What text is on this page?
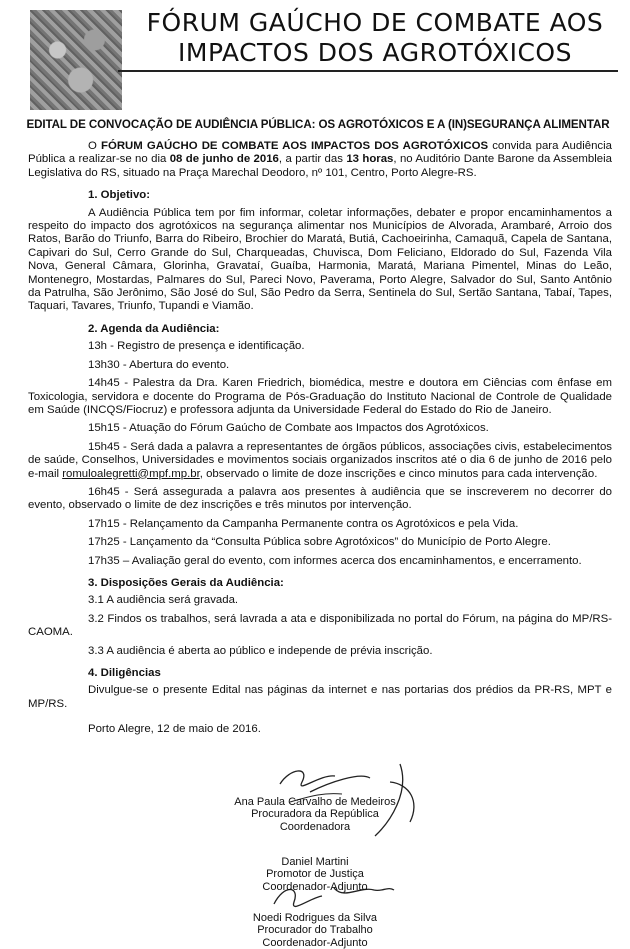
FÓRUM GAÚCHO DE COMBATE AOS
IMPACTOS DOS AGROTÓXICOS
EDITAL DE CONVOCAÇÃO DE AUDIÊNCIA PÚBLICA: OS AGROTÓXICOS E A (IN)SEGURANÇA ALIMENTAR

O FÓRUM GAÚCHO DE COMBATE AOS IMPACTOS DOS AGROTÓXICOS convida para Audiência Pública a realizar-se no dia 08 de junho de 2016, a partir das 13 horas, no Auditório Dante Barone da Assembleia Legislativa do RS, situado na Praça Marechal Deodoro, nº 101, Centro, Porto Alegre-RS.

1. Objetivo:

A Audiência Pública tem por fim informar, coletar informações, debater e propor encaminhamentos a respeito do impacto dos agrotóxicos na segurança alimentar nos Municípios de Alvorada, Arambaré, Arroio dos Ratos, Barão do Triunfo, Barra do Ribeiro, Brochier do Maratá, Butiá, Cachoeirinha, Camaquã, Capela de Santana, Capivari do Sul, Cerro Grande do Sul, Charqueadas, Chuvisca, Dom Feliciano, Eldorado do Sul, Fazenda Vila Nova, General Câmara, Glorinha, Gravataí, Guaíba, Harmonia, Maratá, Mariana Pimentel, Minas do Leão, Montenegro, Mostardas, Palmares do Sul, Pareci Novo, Paverama, Porto Alegre, Salvador do Sul, Santo Antônio da Patrulha, São Jerônimo, São José do Sul, São Pedro da Serra, Sentinela do Sul, Sertão Santana, Tabaí, Tapes, Taquari, Tavares, Triunfo, Tupandi e Viamão.

2. Agenda da Audiência:
13h - Registro de presença e identificação.
13h30 - Abertura do evento.
14h45 - Palestra da Dra. Karen Friedrich, biomédica, mestre e doutora em Ciências com ênfase em Toxicologia, servidora e docente do Programa de Pós-Graduação do Instituto Nacional de Controle de Qualidade em Saúde (INCQS/Fiocruz) e professora adjunta da Universidade Federal do Estado do Rio de Janeiro.
15h15 - Atuação do Fórum Gaúcho de Combate aos Impactos dos Agrotóxicos.
15h45 - Será dada a palavra a representantes de órgãos públicos, associações civis, estabelecimentos de saúde, Conselhos, Universidades e movimentos sociais organizados inscritos até o dia 6 de junho de 2016 pelo e-mail romuloalegretti@mpf.mp.br, observado o limite de doze inscrições e cinco minutos para cada intervenção.
16h45 - Será assegurada a palavra aos presentes à audiência que se inscreverem no decorrer do evento, observado o limite de dez inscrições e três minutos por intervenção.
17h15 - Relançamento da Campanha Permanente contra os Agrotóxicos e pela Vida.
17h25 - Lançamento da “Consulta Pública sobre Agrotóxicos” do Município de Porto Alegre.
17h35 – Avaliação geral do evento, com informes acerca dos encaminhamentos, e encerramento.
3. Disposições Gerais da Audiência:
3.1 A audiência será gravada.
3.2 Findos os trabalhos, será lavrada a ata e disponibilizada no portal do Fórum, na página do MP/RS-CAOMA.
3.3 A audiência é aberta ao público e independe de prévia inscrição.
4. Diligências
Divulgue-se o presente Edital nas páginas da internet e nas portarias dos prédios da PR-RS, MPT e MP/RS.
Porto Alegre, 12 de maio de 2016.
Ana Paula Carvalho de Medeiros
Procuradora da República
Coordenadora
Daniel Martini
Promotor de Justiça
Coordenador-Adjunto
Noedi Rodrigues da Silva
Procurador do Trabalho
Coordenador-Adjunto
